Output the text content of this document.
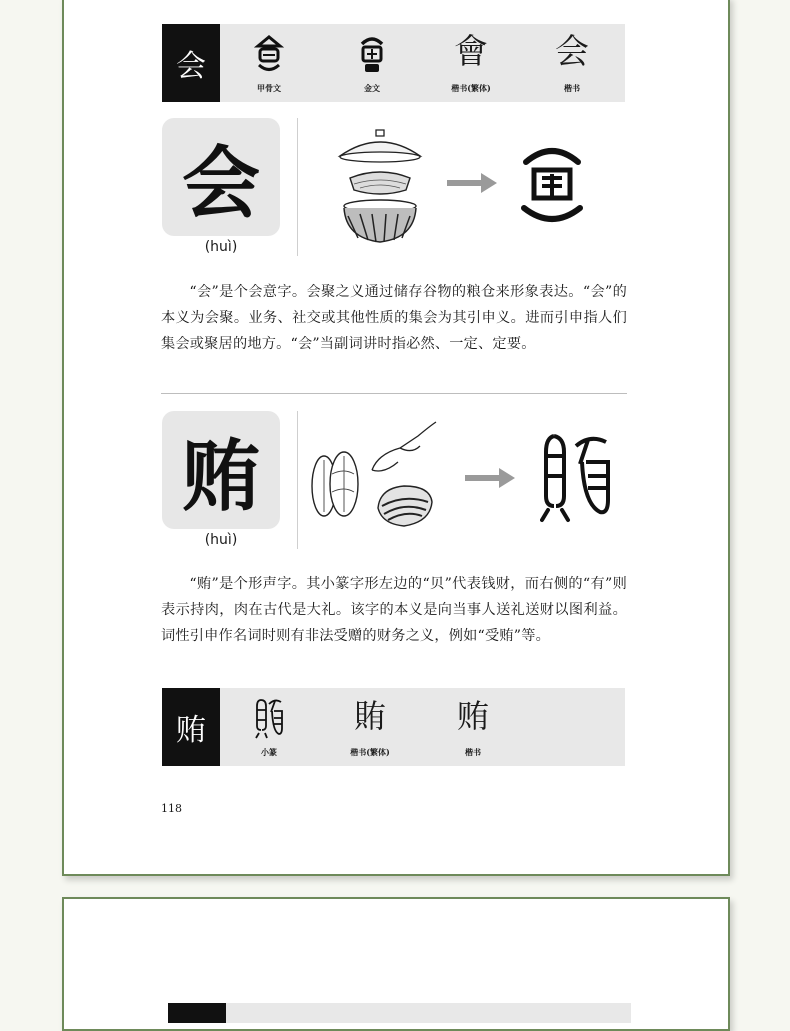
会
甲骨文	金文
會
楷书(繁体)
会
楷书
会
(huì)

“会”是个会意字。会聚之义通过储存谷物的粮仓来形象表达。“会”的本义为会聚。业务、社交或其他性质的集会为其引申义。进而引申指人们集会或聚居的地方。“会”当副词讲时指必然、一定、定要。

贿
(huì)

“贿”是个形声字。其小篆字形左边的“贝”代表钱财，而右侧的“有”则表示持肉，肉在古代是大礼。该字的本义是向当事人送礼送财以图利益。词性引申作名词时则有非法受赠的财务之义，例如“受贿”等。

贿
小篆
賄
楷书(繁体)
贿
楷书
118
